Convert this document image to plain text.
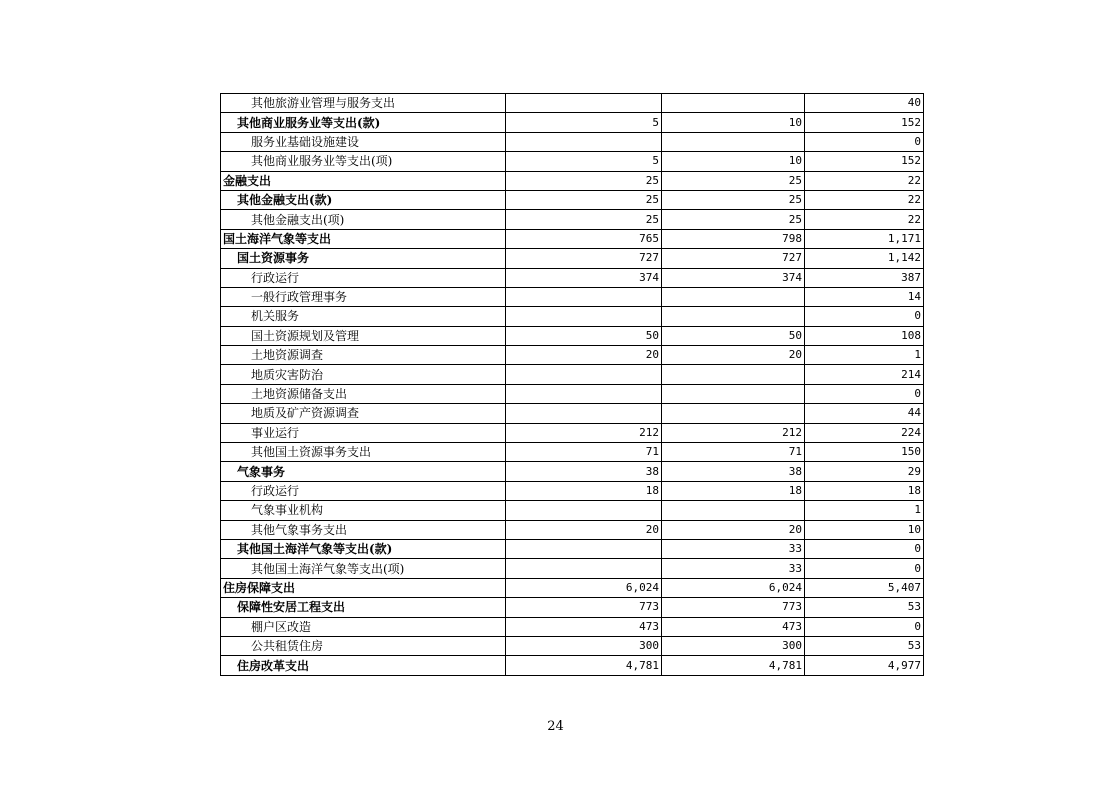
其他旅游业管理与服务支出			40
其他商业服务业等支出(款)	5	10	152
服务业基础设施建设			0
其他商业服务业等支出(项)	5	10	152
金融支出	25	25	22
其他金融支出(款)	25	25	22
其他金融支出(项)	25	25	22
国土海洋气象等支出	765	798	1,171
国土资源事务	727	727	1,142
行政运行	374	374	387
一般行政管理事务			14
机关服务			0
国土资源规划及管理	50	50	108
土地资源调查	20	20	1
地质灾害防治			214
土地资源储备支出			0
地质及矿产资源调查			44
事业运行	212	212	224
其他国土资源事务支出	71	71	150
气象事务	38	38	29
行政运行	18	18	18
气象事业机构			1
其他气象事务支出	20	20	10
其他国土海洋气象等支出(款)		33	0
其他国土海洋气象等支出(项)		33	0
住房保障支出	6,024	6,024	5,407
保障性安居工程支出	773	773	53
棚户区改造	473	473	0
公共租赁住房	300	300	53
住房改革支出	4,781	4,781	4,977
24
